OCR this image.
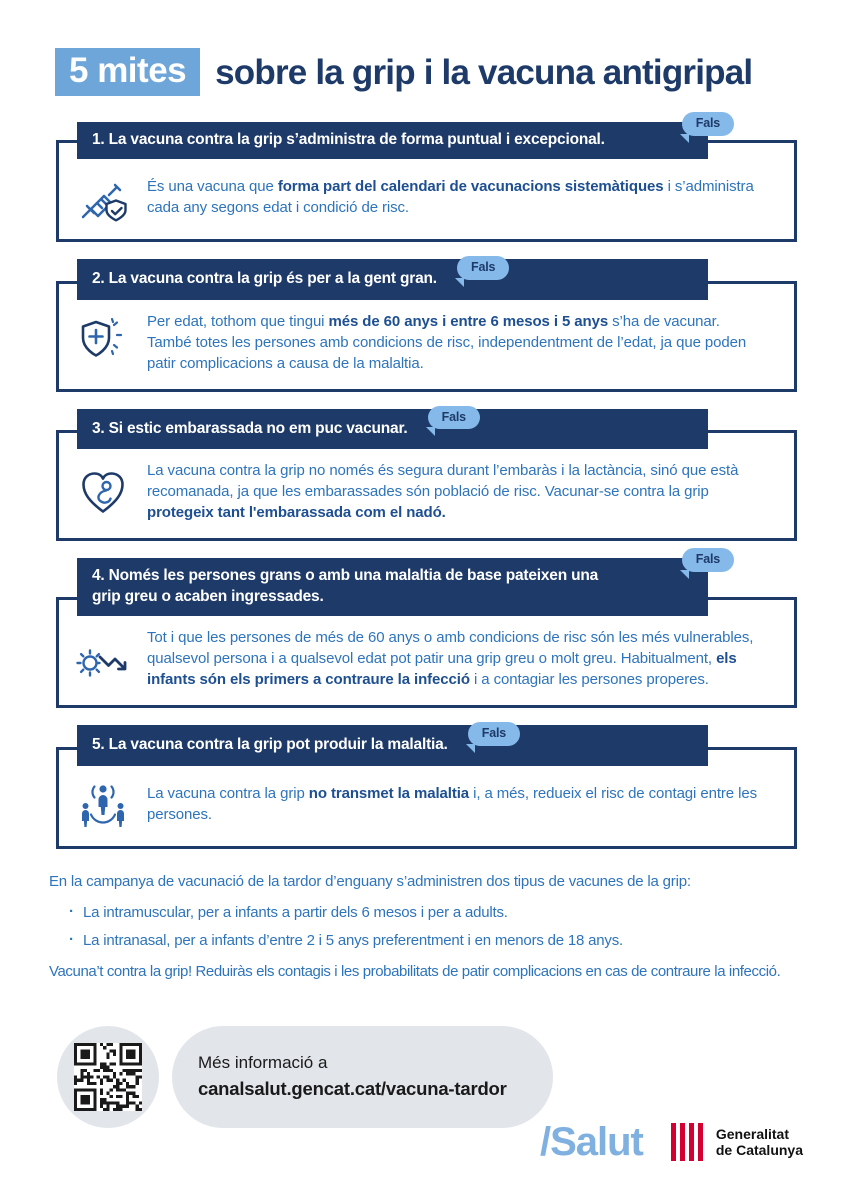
5 mites sobre la grip i la vacuna antigripal
1. La vacuna contra la grip s’administra de forma puntual i excepcional.
Fals

És una vacuna que forma part del calendari de vacunacions sistemàtiques i s’administra cada any segons edat i condició de risc.

2. La vacuna contra la grip és per a la gent gran. Fals

Per edat, tothom que tingui més de 60 anys i entre 6 mesos i 5 anys s’ha de vacunar. També totes les persones amb condicions de risc, independentment de l’edat, ja que poden patir complicacions a causa de la malaltia.

3. Si estic embarassada no em puc vacunar. Fals

La vacuna contra la grip no només és segura durant l’embaràs i la lactància, sinó que està recomanada, ja que les embarassades són població de risc. Vacunar-se contra la grip protegeix tant l'embarassada com el nadó.

4. Només les persones grans o amb una malaltia de base pateixen una grip greu o acaben ingressades.
Fals

Tot i que les persones de més de 60 anys o amb condicions de risc són les més vulnerables, qualsevol persona i a qualsevol edat pot patir una grip greu o molt greu. Habitualment, els infants són els primers a contraure la infecció i a contagiar les persones properes.

5. La vacuna contra la grip pot produir la malaltia. Fals

La vacuna contra la grip no transmet la malaltia i, a més, redueix el risc de contagi entre les persones.

En la campanya de vacunació de la tardor d’enguany s’administren dos tipus de vacunes de la grip:

· La intramuscular, per a infants a partir dels 6 mesos i per a adults.
· La intranasal, per a infants d’entre 2 i 5 anys preferentment i en menors de 18 anys.

Vacuna’t contra la grip! Reduiràs els contagis i les probabilitats de patir complicacions en cas de contraure la infecció.

Més informació a
canalsalut.gencat.cat/vacuna-tardor
/Salut	Generalitat
de Catalunya
